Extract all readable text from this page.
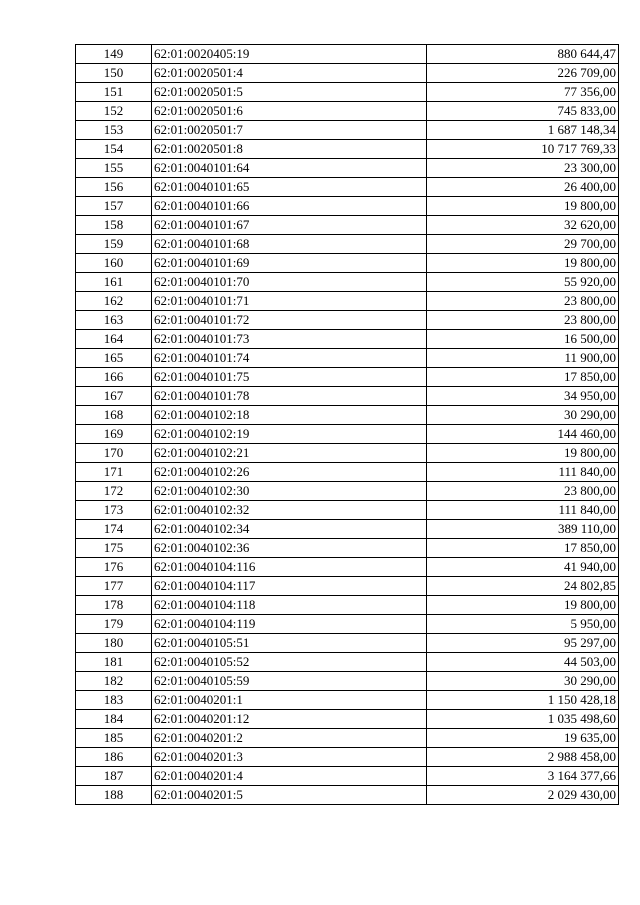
149	62:01:0020405:19	880 644,47
150	62:01:0020501:4	226 709,00
151	62:01:0020501:5	77 356,00
152	62:01:0020501:6	745 833,00
153	62:01:0020501:7	1 687 148,34
154	62:01:0020501:8	10 717 769,33
155	62:01:0040101:64	23 300,00
156	62:01:0040101:65	26 400,00
157	62:01:0040101:66	19 800,00
158	62:01:0040101:67	32 620,00
159	62:01:0040101:68	29 700,00
160	62:01:0040101:69	19 800,00
161	62:01:0040101:70	55 920,00
162	62:01:0040101:71	23 800,00
163	62:01:0040101:72	23 800,00
164	62:01:0040101:73	16 500,00
165	62:01:0040101:74	11 900,00
166	62:01:0040101:75	17 850,00
167	62:01:0040101:78	34 950,00
168	62:01:0040102:18	30 290,00
169	62:01:0040102:19	144 460,00
170	62:01:0040102:21	19 800,00
171	62:01:0040102:26	111 840,00
172	62:01:0040102:30	23 800,00
173	62:01:0040102:32	111 840,00
174	62:01:0040102:34	389 110,00
175	62:01:0040102:36	17 850,00
176	62:01:0040104:116	41 940,00
177	62:01:0040104:117	24 802,85
178	62:01:0040104:118	19 800,00
179	62:01:0040104:119	5 950,00
180	62:01:0040105:51	95 297,00
181	62:01:0040105:52	44 503,00
182	62:01:0040105:59	30 290,00
183	62:01:0040201:1	1 150 428,18
184	62:01:0040201:12	1 035 498,60
185	62:01:0040201:2	19 635,00
186	62:01:0040201:3	2 988 458,00
187	62:01:0040201:4	3 164 377,66
188	62:01:0040201:5	2 029 430,00
